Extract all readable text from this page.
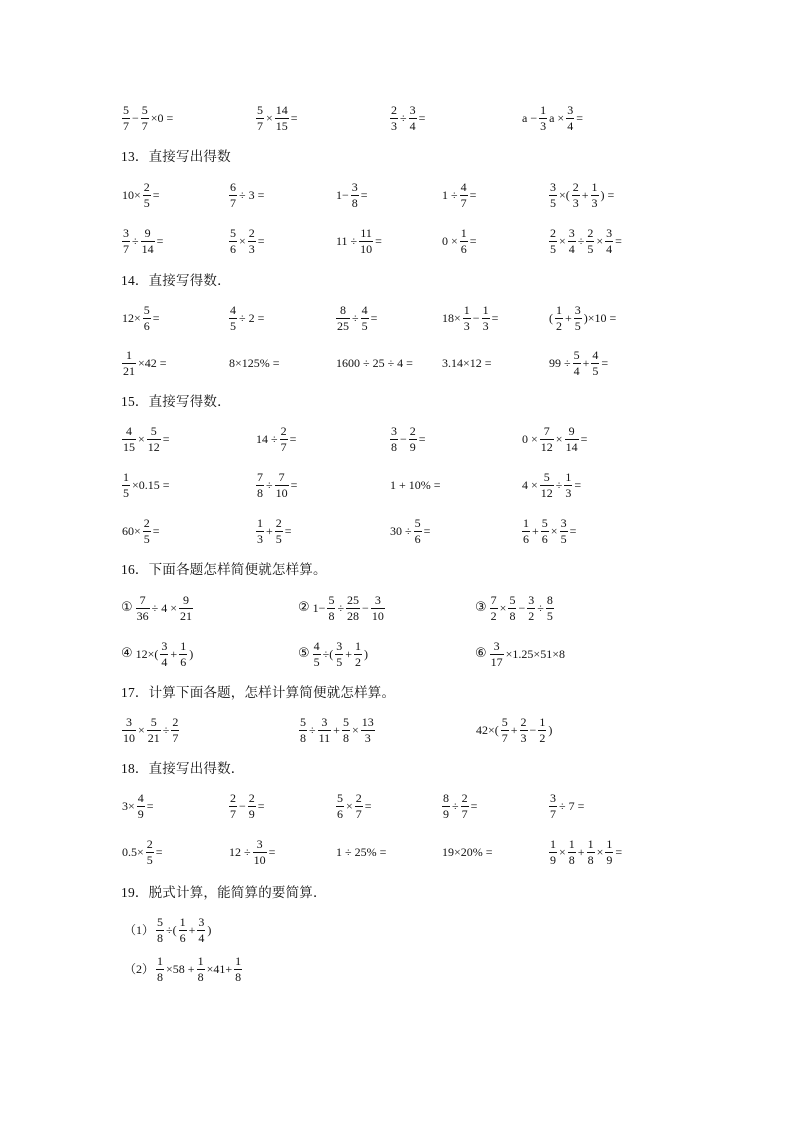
$\frac{5}{7} - \frac{5}{7} \times 0$ =	$\frac{5}{7} \times \frac{14}{15}$ =	$\frac{2}{3} \div \frac{3}{4}$ =	$a - \frac{1}{3}$ $a \times \frac{3}{4}$ =
13．直接写出得数
$10\times \frac{2}{5}$ =	$\frac{6}{7} \div 3$ =	$1- \frac{3}{8}$ =	$1 \div \frac{4}{7}$ =	$\frac{3}{5}$ ×( $\frac{2}{3} + \frac{1}{3}$ ) =
$\frac{3}{7} \div \frac{9}{14}$ =	$\frac{5}{6} \times \frac{2}{3}$ =	$11 \div \frac{11}{10}$ =	$0 \times \frac{1}{6}$ =	$\frac{2}{5} \times \frac{3}{4} \div \frac{2}{5} \times \frac{3}{4}$ =
14．直接写得数．
$12\times \frac{5}{6}$ =	$\frac{4}{5} \div 2$ =	$\frac{8}{25} \div \frac{4}{5}$ =	$18\times \frac{1}{3} - \frac{1}{3}$ =	( $\frac{1}{2} + \frac{3}{5} )\times 10$ =
$\frac{1}{21} \times 42$ =	8×125% =	1600 ÷ 25 ÷ 4 = 3.14×12 =	$99 \div \frac{5}{4} + \frac{4}{5}$ =
15．直接写得数．
$\frac{4}{15} \times \frac{5}{12}$ =	$14 \div \frac{2}{7}$ =	$\frac{3}{8} - \frac{2}{9}$ =	$0 \times \frac{7}{12} \times \frac{9}{14}$ =
$\frac{1}{5} \times 0.15$ =	$\frac{7}{8} \div \frac{7}{10}$ =	1 + 10% =	$4 \times \frac{5}{12} \div \frac{1}{3}$ =
$60\times \frac{2}{5}$ =	$\frac{1}{3} + \frac{2}{5}$ =	$30 \div \frac{5}{6}$ =	$\frac{1}{6} + \frac{5}{6} \times \frac{3}{5}$ =
16．下面各题怎样简便就怎样算。
① $\frac{7}{36} \div 4 \times \frac{9}{21}$	② $1- \frac{5}{8} \div \frac{25}{28} - \frac{3}{10}$	③ $\frac{7}{2} \times \frac{5}{8} - \frac{3}{2} \div \frac{8}{5}$
④ $12\times( \frac{3}{4} + \frac{1}{6}$ )	⑤ $\frac{4}{5}$ ÷( $\frac{3}{5} + \frac{1}{2}$ )	⑥ $\frac{3}{17} \times 1.25\times 51\times 8$
17．计算下面各题，怎样计算简便就怎样算。
$\frac{3}{10} \times \frac{5}{21} \div \frac{2}{7}$	$\frac{5}{8} \div \frac{3}{11} + \frac{5}{8} \times \frac{13}{3}$	$42\times( \frac{5}{7} + \frac{2}{3} - \frac{1}{2}$ )
18．直接写出得数．
$3\times \frac{4}{9}$ =	$\frac{2}{7} - \frac{2}{9}$ =	$\frac{5}{6} \times \frac{2}{7}$ =	$\frac{8}{9} \div \frac{2}{7}$ =	$\frac{3}{7} \div 7$ =
$0.5\times \frac{2}{5}$ =	$12 \div \frac{3}{10}$ =	1 ÷ 25% =	19×20% =	$\frac{1}{9} \times \frac{1}{8} + \frac{1}{8} \times \frac{1}{9}$ =
19．脱式计算，能简算的要简算．
$(1) \frac{5}{8}$ ÷( $\frac{1}{6} + \frac{3}{4}$ )
$(2) \frac{1}{8} \times 58 + \frac{1}{8} \times 41+ \frac{1}{8}$
